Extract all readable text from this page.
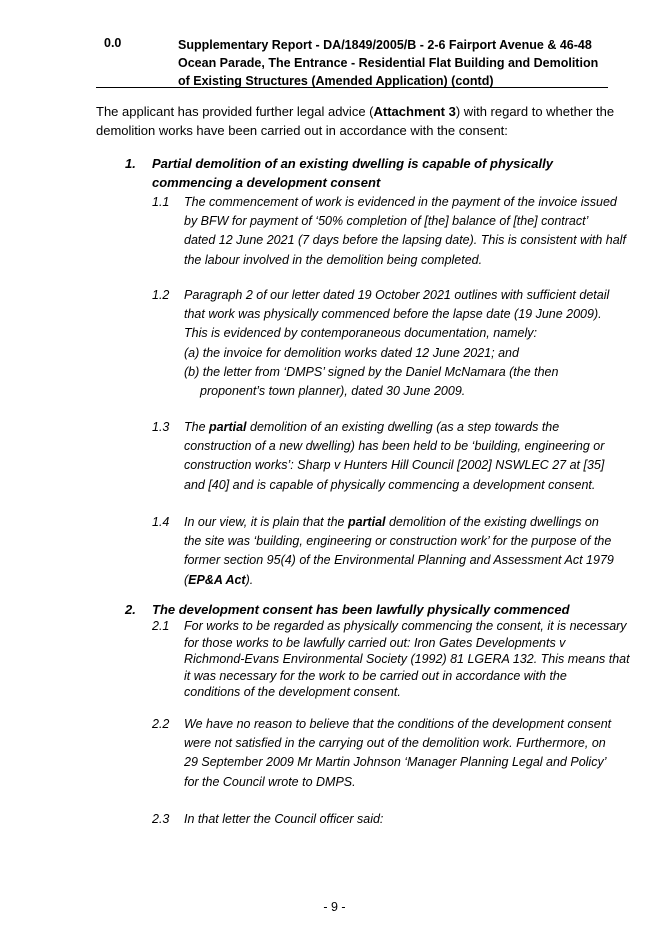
0.0	Supplementary Report - DA/1849/2005/B - 2-6 Fairport Avenue & 46-48
Ocean Parade, The Entrance - Residential Flat Building and Demolition
of Existing Structures (Amended Application) (contd)
The applicant has provided further legal advice (Attachment 3) with regard to whether the
demolition works have been carried out in accordance with the consent:
1. Partial demolition of an existing dwelling is capable of physically
commencing a development consent
1.1 The commencement of work is evidenced in the payment of the invoice issued
by BFW for payment of ‘50% completion of [the] balance of [the] contract’
dated 12 June 2021 (7 days before the lapsing date). This is consistent with half
the labour involved in the demolition being completed.
1.2 Paragraph 2 of our letter dated 19 October 2021 outlines with sufficient detail
that work was physically commenced before the lapse date (19 June 2009).
This is evidenced by contemporaneous documentation, namely:
(a) the invoice for demolition works dated 12 June 2021; and
(b) the letter from ‘DMPS’ signed by the Daniel McNamara (the then
proponent’s town planner), dated 30 June 2009.
1.3 The partial demolition of an existing dwelling (as a step towards the
construction of a new dwelling) has been held to be ‘building, engineering or
construction works’: Sharp v Hunters Hill Council [2002] NSWLEC 27 at [35]
and [40] and is capable of physically commencing a development consent.
1.4 In our view, it is plain that the partial demolition of the existing dwellings on
the site was ‘building, engineering or construction work’ for the purpose of the
former section 95(4) of the Environmental Planning and Assessment Act 1979
(EP&A Act).
2. The development consent has been lawfully physically commenced
2.1 For works to be regarded as physically commencing the consent, it is necessary
for those works to be lawfully carried out: Iron Gates Developments v
Richmond-Evans Environmental Society (1992) 81 LGERA 132. This means that
it was necessary for the work to be carried out in accordance with the
conditions of the development consent.
2.2 We have no reason to believe that the conditions of the development consent
were not satisfied in the carrying out of the demolition work. Furthermore, on
29 September 2009 Mr Martin Johnson ‘Manager Planning Legal and Policy’
for the Council wrote to DMPS.
2.3 In that letter the Council officer said:
- 9 -
